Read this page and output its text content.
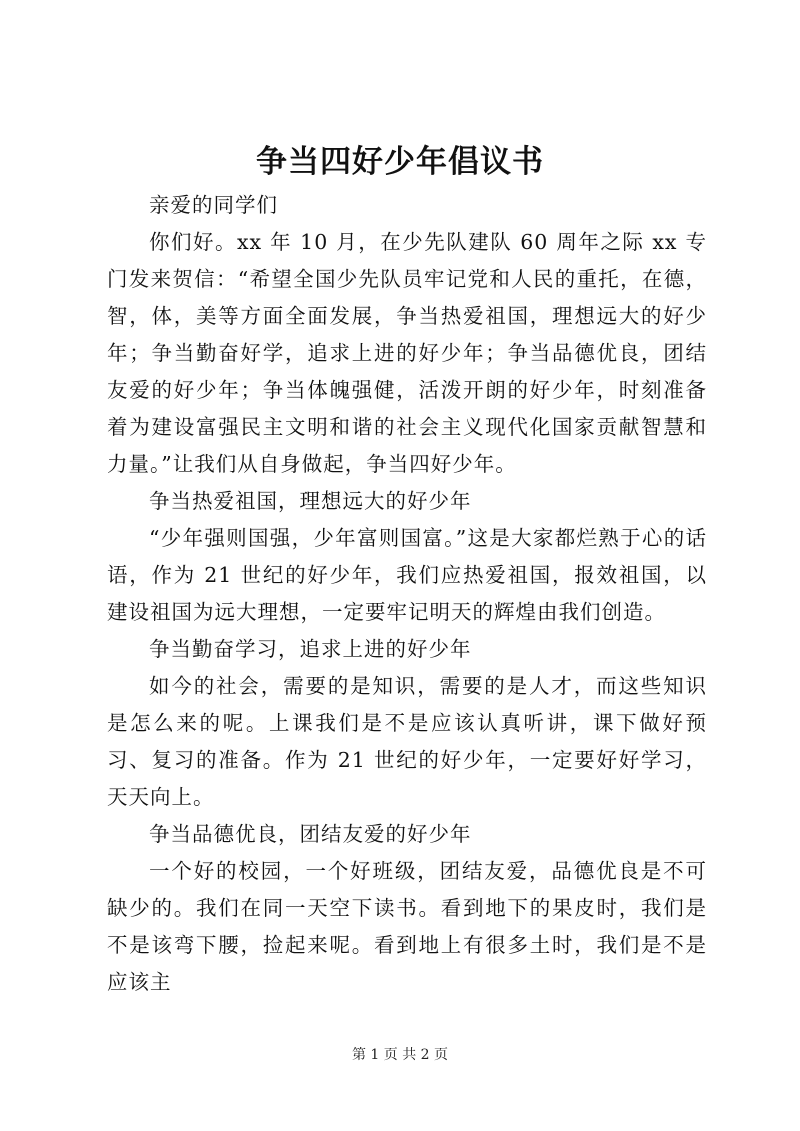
争当四好少年倡议书

亲爱的同学们

你们好。xx 年 10 月，在少先队建队 60 周年之际 xx 专门发来贺信：“希望全国少先队员牢记党和人民的重托，在德，智，体，美等方面全面发展，争当热爱祖国，理想远大的好少年；争当勤奋好学，追求上进的好少年；争当品德优良，团结友爱的好少年；争当体魄强健，活泼开朗的好少年，时刻准备着为建设富强民主文明和谐的社会主义现代化国家贡献智慧和力量。”让我们从自身做起，争当四好少年。

争当热爱祖国，理想远大的好少年

“少年强则国强，少年富则国富。”这是大家都烂熟于心的话语，作为 21 世纪的好少年，我们应热爱祖国，报效祖国，以建设祖国为远大理想，一定要牢记明天的辉煌由我们创造。

争当勤奋学习，追求上进的好少年

如今的社会，需要的是知识，需要的是人才，而这些知识是怎么来的呢。上课我们是不是应该认真听讲，课下做好预习、复习的准备。作为 21 世纪的好少年，一定要好好学习，天天向上。

争当品德优良，团结友爱的好少年

一个好的校园，一个好班级，团结友爱，品德优良是不可缺少的。我们在同一天空下读书。看到地下的果皮时，我们是不是该弯下腰，捡起来呢。看到地上有很多土时，我们是不是应该主

第 1 页 共 2 页
